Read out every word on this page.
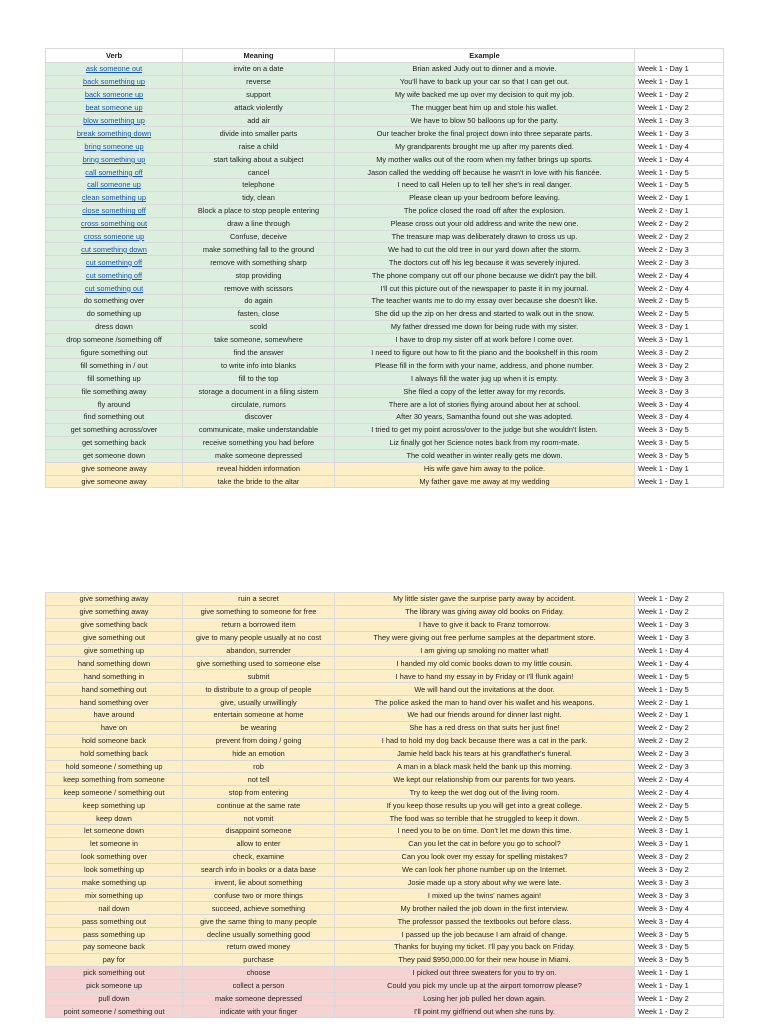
Verb	Meaning	Example	
ask someone out	invite on a date	Brian asked Judy out to dinner and a movie.	Week 1 - Day 1
back something up	reverse	You'll have to back up your car so that I can get out.	Week 1 - Day 1
back someone up	support	My wife backed me up over my decision to quit my job.	Week 1 - Day 2
beat someone up	attack violently	The mugger beat him up and stole his wallet.	Week 1 - Day 2
blow something up	add air	We have to blow 50 balloons up for the party.	Week 1 - Day 3
break something down	divide into smaller parts	Our teacher broke the final project down into three separate parts.	Week 1 - Day 3
bring someone up	raise a child	My grandparents brought me up after my parents died.	Week 1 - Day 4
bring something up	start talking about a subject	My mother walks out of the room when my father brings up sports.	Week 1 - Day 4
call something off	cancel	Jason called the wedding off because he wasn't in love with his fiancée.	Week 1 - Day 5
call someone up	telephone	I need to call Helen up to tell her she's in real danger.	Week 1 - Day 5
clean something up	tidy, clean	Please clean up your bedroom before leaving.	Week 2 - Day 1
close something off	Block a place to stop people entering	The police closed the road off after the explosion.	Week 2 - Day 1
cross something out	draw a line through	Please cross out your old address and write the new one.	Week 2 - Day 2
cross someone up	Confuse, deceive	The treasure map was deliberately drawn to cross us up.	Week 2 - Day 2
cut something down	make something fall to the ground	We had to cut the old tree in our yard down after the storm.	Week 2 - Day 3
cut something off	remove with something sharp	The doctors cut off his leg because it was severely injured.	Week 2 - Day 3
cut something off	stop providing	The phone company cut off our phone because we didn't pay the bill.	Week 2 - Day 4
cut something out	remove with scissors	I'll cut this picture out of the newspaper to paste it in my journal.	Week 2 - Day 4
do something over	do again	The teacher wants me to do my essay over because she doesn't like.	Week 2 - Day 5
do something up	fasten, close	She did up the zip on her dress and started to walk out in the snow.	Week 2 - Day 5
dress down	scold	My father dressed me down for being rude with my sister.	Week 3 - Day 1
drop someone /something off	take someone, somewhere	I have to drop my sister off at work before I come over.	Week 3 - Day 1
figure something out	find the answer	I need to figure out how to fit the piano and the bookshelf in this room	Week 3 - Day 2
fill something in / out	to write info into blanks	Please fill in the form with your name, address, and phone number.	Week 3 - Day 2
fill something up	fill to the top	I always fill the water jug up when it is empty.	Week 3 - Day 3
file something away	storage a document in a filing sistem	She filed a copy of the letter away for my records.	Week 3 - Day 3
fly around	circulate, rumors	There are a lot of stories flying around about her at school.	Week 3 - Day 4
find something out	discover	After 30 years, Samantha found out she was adopted.	Week 3 - Day 4
get something across/over	communicate, make understandable	I tried to get my point across/over to the judge but she wouldn't listen.	Week 3 - Day 5
get something back	receive something you had before	Liz finally got her Science notes back from my room-mate.	Week 3 - Day 5
get someone down	make someone depressed	The cold weather in winter really gets me down.	Week 3 - Day 5
give someone away	reveal hidden information	His wife gave him away to the police.	Week 1 - Day 1
give someone away	take the bride to the altar	My father gave me away at my wedding	Week 1 - Day 1
give something away	ruin a secret	My little sister gave the surprise party away by accident.	Week 1 - Day 2
give something away	give something to someone for free	The library was giving away old books on Friday.	Week 1 - Day 2
give something back	return a borrowed item	I have to give it back to Franz tomorrow.	Week 1 - Day 3
give something out	give to many people usually at no cost	They were giving out free perfume samples at the department store.	Week 1 - Day 3
give something up	abandon, surrender	I am giving up smoking no matter what!	Week 1 - Day 4
hand something down	give something used to someone else	I handed my old comic books down to my little cousin.	Week 1 - Day 4
hand something in	submit	I have to hand my essay in by Friday or I'll flunk again!	Week 1 - Day 5
hand something out	to distribute to a group of people	We will hand out the invitations at the door.	Week 1 - Day 5
hand something over	give, usually unwillingly	The police asked the man to hand over his wallet and his weapons.	Week 2 - Day 1
have around	entertain someone at home	We had our friends around for dinner last night.	Week 2 - Day 1
have on	be wearing	She has a red dress on that suits her just fine!	Week 2 - Day 2
hold someone back	prevent from doing / going	I had to hold my dog back because there was a cat in the park.	Week 2 - Day 2
hold something back	hide an emotion	Jamie held back his tears at his grandfather's funeral.	Week 2 - Day 3
hold someone / something up	rob	A man in a black mask held the bank up this morning.	Week 2 - Day 3
keep something from someone	not tell	We kept our relationship from our parents for two years.	Week 2 - Day 4
keep someone / something out	stop from entering	Try to keep the wet dog out of the living room.	Week 2 - Day 4
keep something up	continue at the same rate	If you keep those results up you will get into a great college.	Week 2 - Day 5
keep down	not vomit	The food was so terrible that he struggled to keep it down.	Week 2 - Day 5
let someone down	disappoint someone	I need you to be on time. Don't let me down this time.	Week 3 - Day 1
let someone in	allow to enter	Can you let the cat in before you go to school?	Week 3 - Day 1
look something over	check, examine	Can you look over my essay for spelling mistakes?	Week 3 - Day 2
look something up	search info in books or a data base	We can look her phone number up on the Internet.	Week 3 - Day 2
make something up	invent, lie about something	Josie made up a story about why we were late.	Week 3 - Day 3
mix something up	confuse two or more things	I mixed up the twins' names again!	Week 3 - Day 3
nail down	succeed, achieve something	My brother nailed the job down in the first interview.	Week 3 - Day 4
pass something out	give the same thing to many people	The professor passed the textbooks out before class.	Week 3 - Day 4
pass something up	decline usually something good	I passed up the job because I am afraid of change.	Week 3 - Day 5
pay someone back	return owed money	Thanks for buying my ticket. I'll pay you back on Friday.	Week 3 - Day 5
pay for	purchase	They paid $950,000.00 for their new house in Miami.	Week 3 - Day 5
pick something out	choose	I picked out three sweaters for you to try on.	Week 1 - Day 1
pick someone up	collect a person	Could you pick my uncle up at the airport tomorrow please?	Week 1 - Day 1
pull down	make someone depressed	Losing her job pulled her down again.	Week 1 - Day 2
point someone / something out	indicate with your finger	I'll point my girlfriend out when she runs by.	Week 1 - Day 2
